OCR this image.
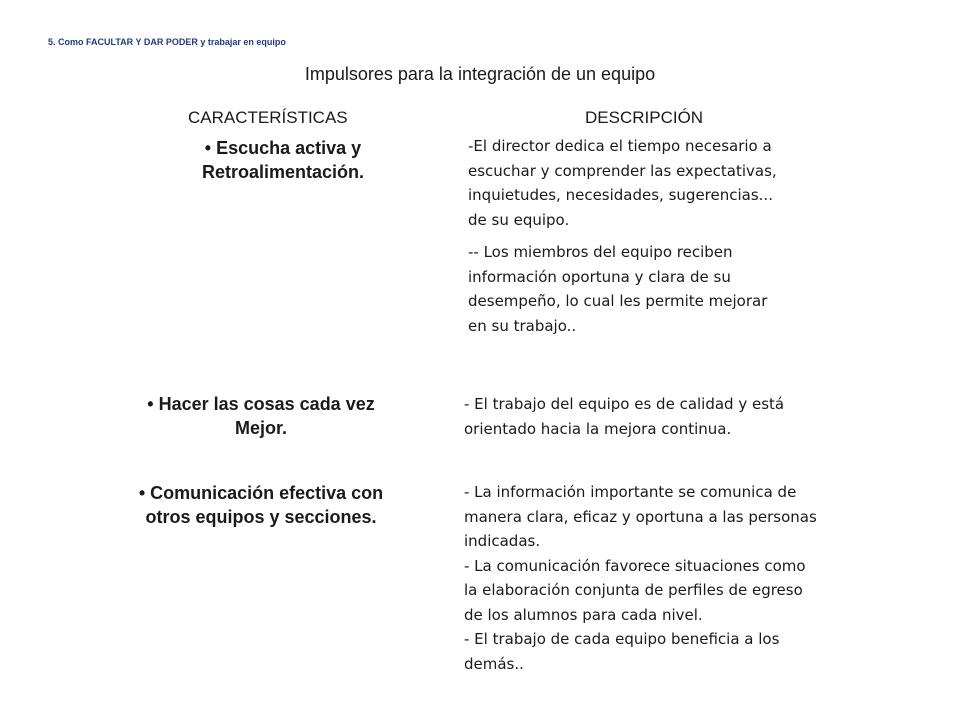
5. Como FACULTAR Y DAR PODER y trabajar en equipo
Impulsores para la integración de un equipo
CARACTERÍSTICAS	DESCRIPCIÓN
• Escucha activa y
Retroalimentación.

-El director dedica el tiempo necesario a

escuchar y comprender las expectativas,

inquietudes, necesidades, sugerencias...

de su equipo.

-- Los miembros del equipo reciben

información oportuna y clara de su

desempeño, lo cual les permite mejorar

en su trabajo..

• Hacer las cosas cada vez
Mejor.

- El trabajo del equipo es de calidad y está

orientado hacia la mejora continua.

• Comunicación efectiva con
otros equipos y secciones.

- La información importante se comunica de

manera clara, eficaz y oportuna a las personas

indicadas.

- La comunicación favorece situaciones como

la elaboración conjunta de perfiles de egreso

de los alumnos para cada nivel.

- El trabajo de cada equipo beneficia a los

demás..
